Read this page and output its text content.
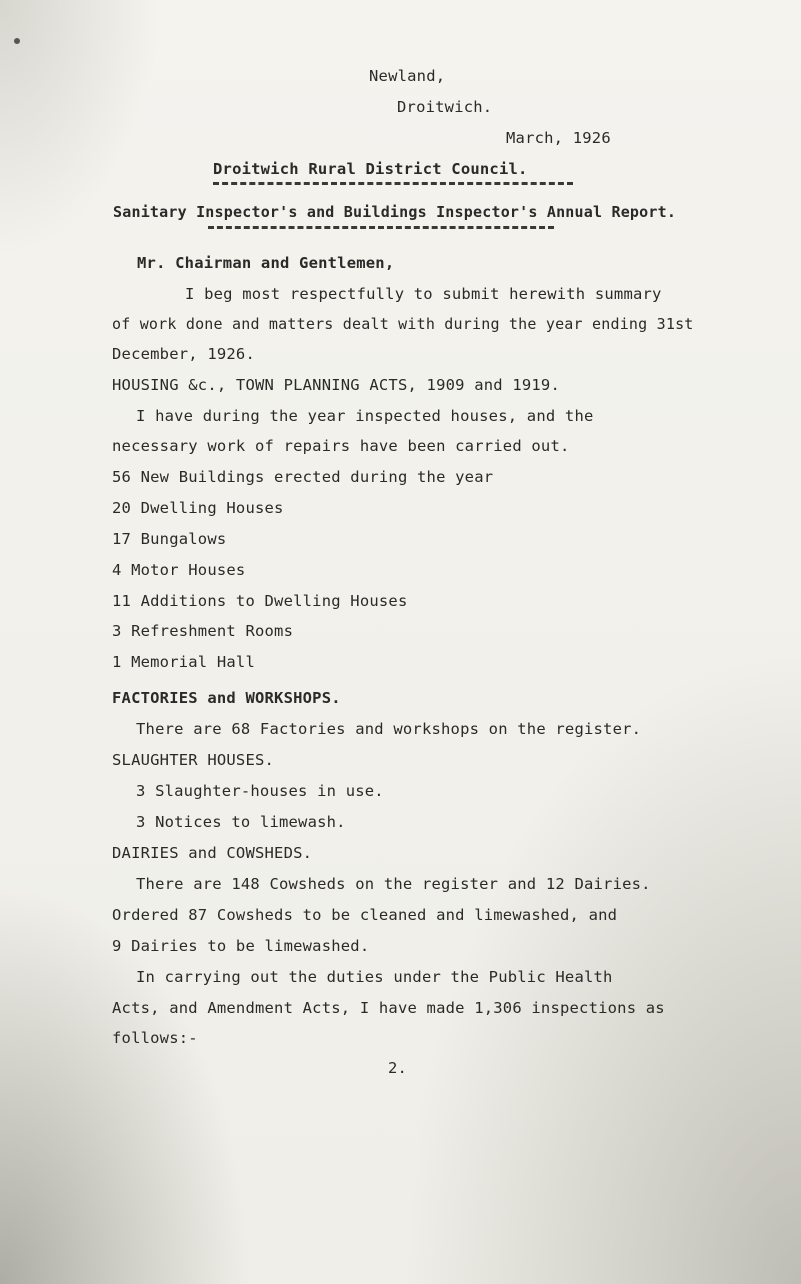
Newland,
Droitwich.
March, 1926
Droitwich Rural District Council.
Sanitary Inspector's and Buildings Inspector's Annual Report.
Mr. Chairman and Gentlemen,
I beg most respectfully to submit herewith summary
of work done and matters dealt with during the year ending 31st
December, 1926.
HOUSING &c., TOWN PLANNING ACTS, 1909 and 1919.
I have during the year inspected houses, and the
necessary work of repairs have been carried out.
56 New Buildings erected during the year
20 Dwelling Houses
17 Bungalows
4 Motor Houses
11 Additions to Dwelling Houses
3 Refreshment Rooms
1 Memorial Hall
FACTORIES and WORKSHOPS.
There are 68 Factories and workshops on the register.
SLAUGHTER HOUSES.
3 Slaughter-houses in use.
3 Notices to limewash.
DAIRIES and COWSHEDS.
There are 148 Cowsheds on the register and 12 Dairies.
Ordered 87 Cowsheds to be cleaned and limewashed, and
9 Dairies to be limewashed.
In carrying out the duties under the Public Health
Acts, and Amendment Acts, I have made 1,306 inspections as
follows:-
2.
